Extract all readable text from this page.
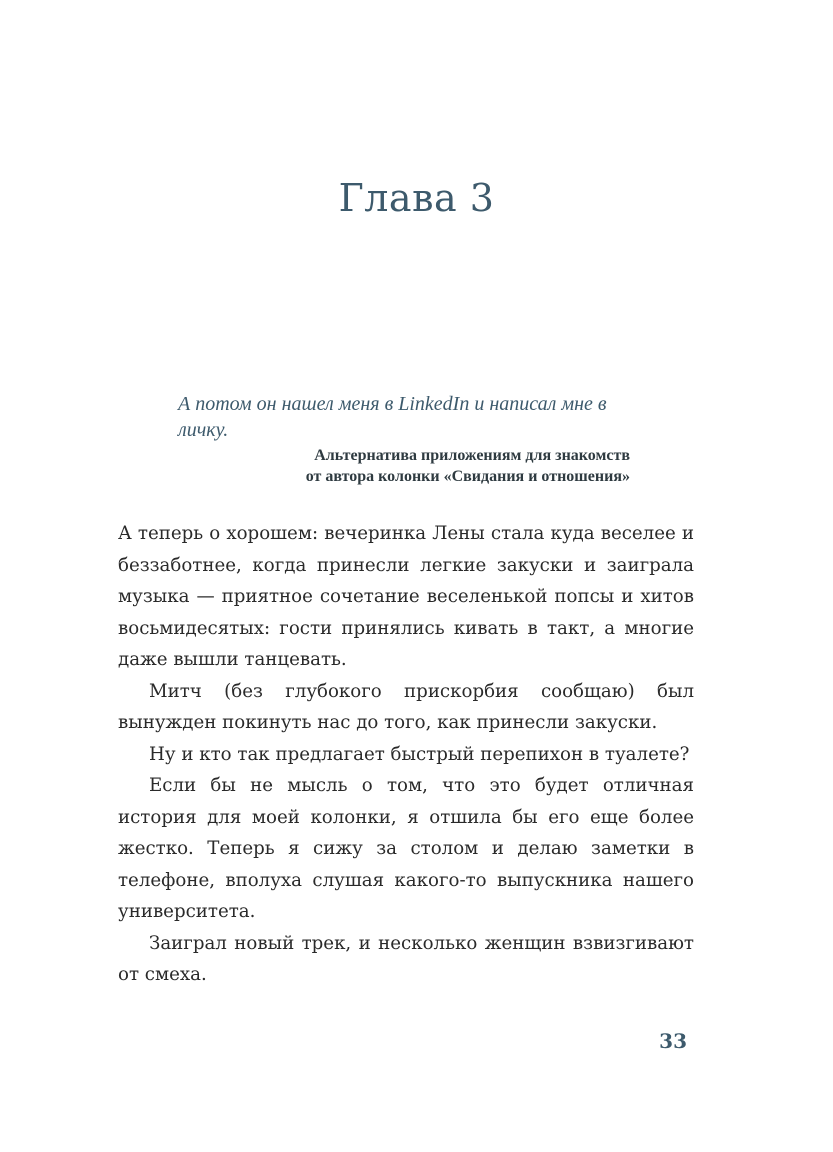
Глава 3

А потом он нашел меня в LinkedIn и написал мне в личку.

Альтернатива приложениям для знакомств
от автора колонки «Свидания и отношения»

А теперь о хорошем: вечеринка Лены стала куда веселее и беззаботнее, когда принесли легкие закуски и заиграла музыка — приятное сочетание веселенькой попсы и хитов восьмидесятых: гости принялись кивать в такт, а многие даже вышли танцевать.

Митч (без глубокого прискорбия сообщаю) был вынужден покинуть нас до того, как принесли закуски.

Ну и кто так предлагает быстрый перепихон в туалете?

Если бы не мысль о том, что это будет отличная история для моей колонки, я отшила бы его еще более жестко. Теперь я сижу за столом и делаю заметки в телефоне, вполуха слушая какого-то выпускника нашего университета.

Заиграл новый трек, и несколько женщин взвизгивают от смеха.

33
